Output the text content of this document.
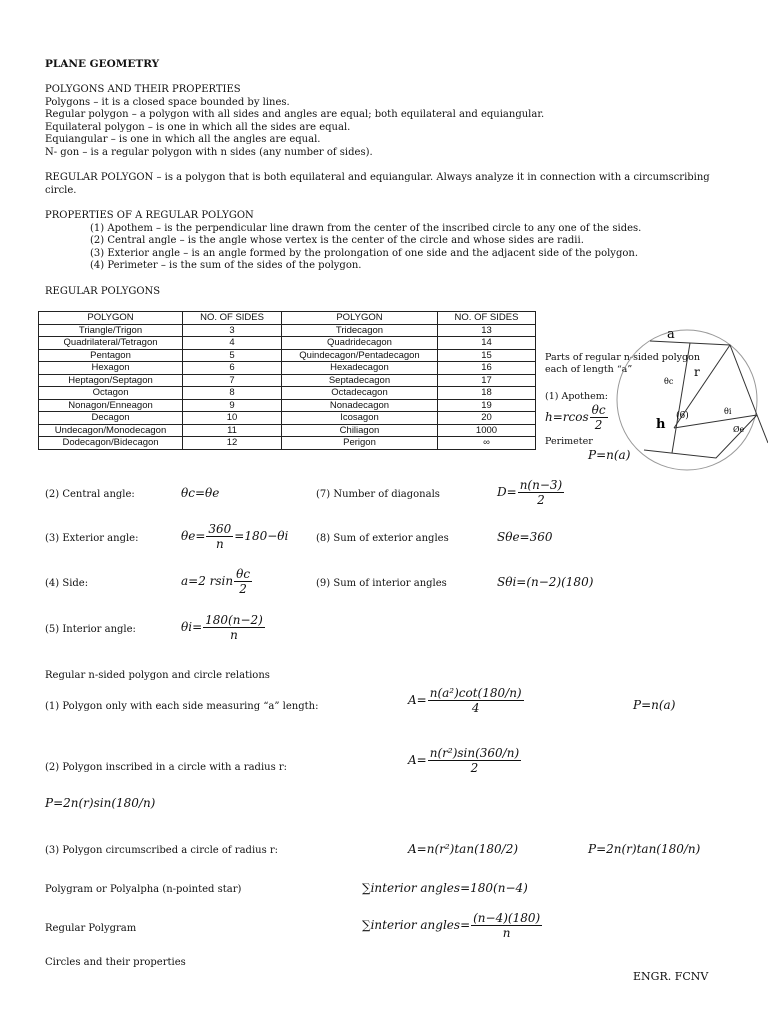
PLANE GEOMETRY
POLYGONS AND THEIR PROPERTIES
Polygons – it is a closed space bounded by lines.
Regular polygon – a polygon with all sides and angles are equal; both equilateral and equiangular.
Equilateral polygon – is one in which all the sides are equal.
Equiangular – is one in which all the angles are equal.
N- gon – is a regular polygon with n sides (any number of sides).
REGULAR POLYGON – is a polygon that is both equilateral and equiangular. Always analyze it in connection with a circumscribing
circle.
PROPERTIES OF A REGULAR POLYGON
(1) Apothem – is the perpendicular line drawn from the center of the inscribed circle to any one of the sides.
(2) Central angle – is the angle whose vertex is the center of the circle and whose sides are radii.
(3) Exterior angle – is an angle formed by the prolongation of one side and the adjacent side of the polygon.
(4) Perimeter – is the sum of the sides of the polygon.
REGULAR POLYGONS
POLYGON	NO. OF SIDES	POLYGON	NO. OF SIDES
Triangle/Trigon	3	Tridecagon	13
Quadrilateral/Tetragon	4	Quadridecagon	14
Pentagon	5	Quindecagon/Pentadecagon	15
Hexagon	6	Hexadecagon	16
Heptagon/Septagon	7	Septadecagon	17
Octagon	8	Octadecagon	18
Nonagon/Enneagon	9	Nonadecagon	19
Decagon	10	Icosagon	20
Undecagon/Monodecagon	11	Chiliagon	1000
Dodecagon/Bidecagon	12	Perigon	∞
Parts of regular n-sided polygon
each of length “a”
(1) Apothem:
$h=rcos \frac{\theta c}{2}$
Perimeter
P=n(a)
a
r
θc
(6)
h
θi
Øe
(2) Central angle:	θc=θe	(7) Number of diagonals	$D= \frac{n(n-3)}{2}$
(3) Exterior angle:	$\theta e= \frac{360}{n} =180-\theta i$	(8) Sum of exterior angles	Sθe=360
(4) Side:	a=2 rsin $\frac{\theta c}{2}$	(9) Sum of interior angles	Sθi=(n−2)(180)
(5) Interior angle:	$\theta i= \frac{180(n-2)}{n}$
Regular n-sided polygon and circle relations
(1) Polygon only with each side measuring “a” length:	$A= \frac{\text{n(a²)cot(180/n)}}{4}$	P=n(a)
(2) Polygon inscribed in a circle with a radius r:
$A= \frac{\text{n(r²)sin(360/n)}}{2}$
P=2n(r)sin(180/n)
(3) Polygon circumscribed a circle of radius r:	A=n(r²)tan(180/2)	P=2n(r)tan(180/n)
Polygram or Polyalpha (n-pointed star)	∑interior angles=180(n−4)
Regular Polygram	∑interior angles= $\frac{(n-4)(180)}{n}$
Circles and their properties
ENGR. FCNV
